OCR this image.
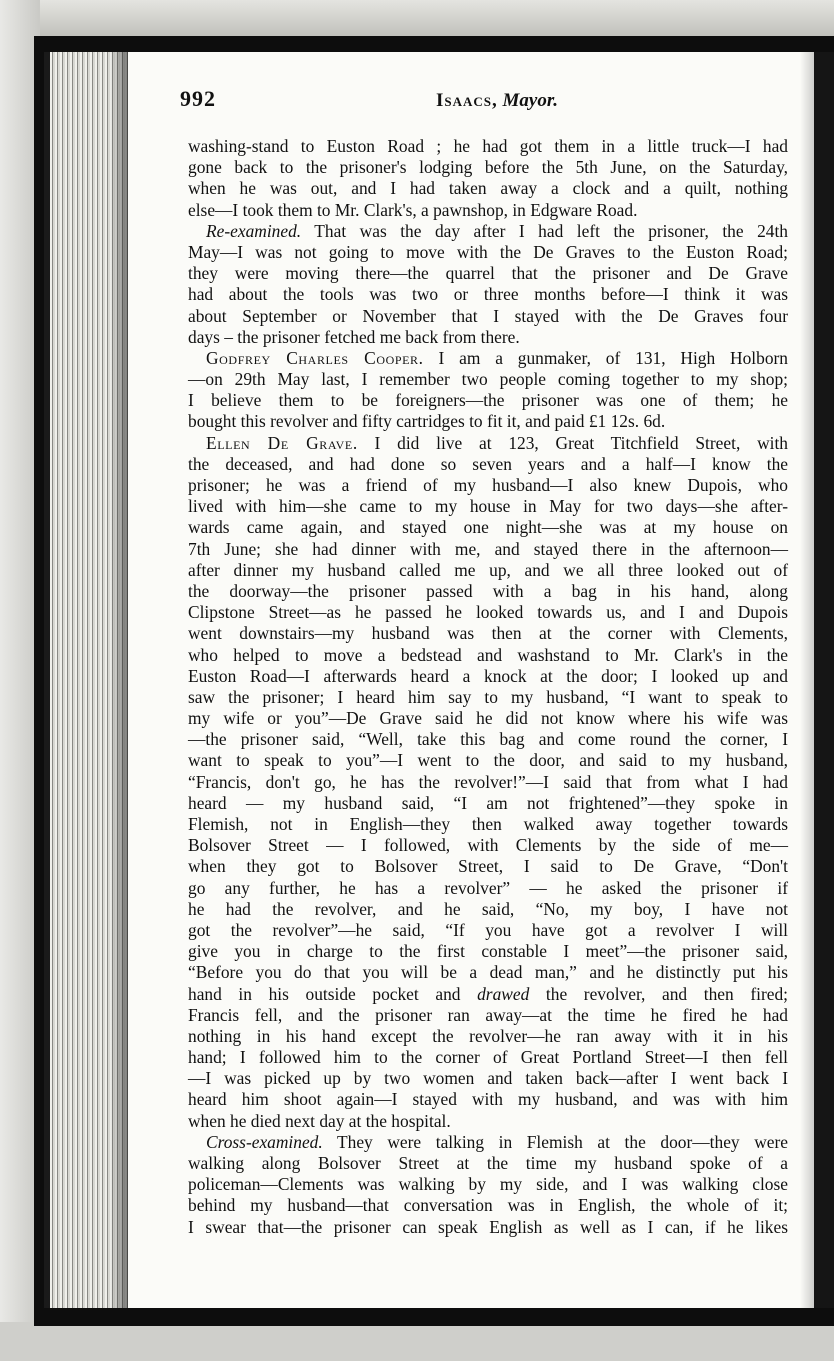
992	Isaacs, Mayor.
washing-stand to Euston Road ; he had got them in a little truck—I had
gone back to the prisoner's lodging before the 5th June, on the Saturday,
when he was out, and I had taken away a clock and a quilt, nothing
else—I took them to Mr. Clark's, a pawnshop, in Edgware Road.
Re-examined. That was the day after I had left the prisoner, the 24th
May—I was not going to move with the De Graves to the Euston Road;
they were moving there—the quarrel that the prisoner and De Grave
had about the tools was two or three months before—I think it was
about September or November that I stayed with the De Graves four
days – the prisoner fetched me back from there.
Godfrey Charles Cooper. I am a gunmaker, of 131, High Holborn
—on 29th May last, I remember two people coming together to my shop;
I believe them to be foreigners—the prisoner was one of them; he
bought this revolver and fifty cartridges to fit it, and paid £1 12s. 6d.
Ellen De Grave. I did live at 123, Great Titchfield Street, with
the deceased, and had done so seven years and a half—I know the
prisoner; he was a friend of my husband—I also knew Dupois, who
lived with him—she came to my house in May for two days—she after-
wards came again, and stayed one night—she was at my house on
7th June; she had dinner with me, and stayed there in the afternoon—
after dinner my husband called me up, and we all three looked out of
the doorway—the prisoner passed with a bag in his hand, along
Clipstone Street—as he passed he looked towards us, and I and Dupois
went downstairs—my husband was then at the corner with Clements,
who helped to move a bedstead and washstand to Mr. Clark's in the
Euston Road—I afterwards heard a knock at the door; I looked up and
saw the prisoner; I heard him say to my husband, “I want to speak to
my wife or you”—De Grave said he did not know where his wife was
—the prisoner said, “Well, take this bag and come round the corner, I
want to speak to you”—I went to the door, and said to my husband,
“Francis, don't go, he has the revolver!”—I said that from what I had
heard — my husband said, “I am not frightened”—they spoke in
Flemish, not in English—they then walked away together towards
Bolsover Street — I followed, with Clements by the side of me—
when they got to Bolsover Street, I said to De Grave, “Don't
go any further, he has a revolver” — he asked the prisoner if
he had the revolver, and he said, “No, my boy, I have not
got the revolver”—he said, “If you have got a revolver I will
give you in charge to the first constable I meet”—the prisoner said,
“Before you do that you will be a dead man,” and he distinctly put his
hand in his outside pocket and drawed the revolver, and then fired;
Francis fell, and the prisoner ran away—at the time he fired he had
nothing in his hand except the revolver—he ran away with it in his
hand; I followed him to the corner of Great Portland Street—I then fell
—I was picked up by two women and taken back—after I went back I
heard him shoot again—I stayed with my husband, and was with him
when he died next day at the hospital.
Cross-examined. They were talking in Flemish at the door—they were
walking along Bolsover Street at the time my husband spoke of a
policeman—Clements was walking by my side, and I was walking close
behind my husband—that conversation was in English, the whole of it;
I swear that—the prisoner can speak English as well as I can, if he likes
